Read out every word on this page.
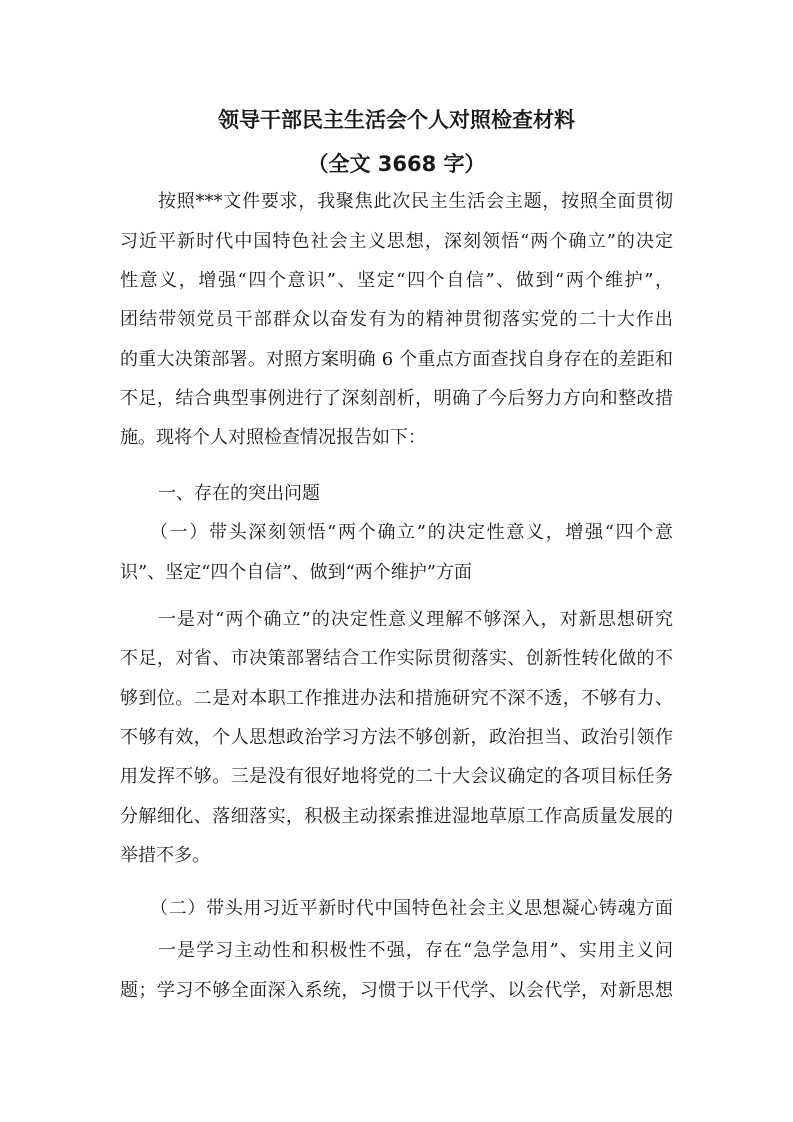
领导干部民主生活会个人对照检查材料
（全文 3668 字）
按照***文件要求，我聚焦此次民主生活会主题，按照全面贯彻
习近平新时代中国特色社会主义思想，深刻领悟“两个确立”的决定
性意义，增强“四个意识”、坚定“四个自信”、做到“两个维护”，
团结带领党员干部群众以奋发有为的精神贯彻落实党的二十大作出
的重大决策部署。对照方案明确 6 个重点方面查找自身存在的差距和
不足，结合典型事例进行了深刻剖析，明确了今后努力方向和整改措
施。现将个人对照检查情况报告如下：
一、存在的突出问题
（一）带头深刻领悟“两个确立”的决定性意义，增强“四个意
识”、坚定“四个自信”、做到“两个维护”方面
一是对“两个确立”的决定性意义理解不够深入，对新思想研究
不足，对省、市决策部署结合工作实际贯彻落实、创新性转化做的不
够到位。二是对本职工作推进办法和措施研究不深不透，不够有力、
不够有效，个人思想政治学习方法不够创新，政治担当、政治引领作
用发挥不够。三是没有很好地将党的二十大会议确定的各项目标任务
分解细化、落细落实，积极主动探索推进湿地草原工作高质量发展的
举措不多。
（二）带头用习近平新时代中国特色社会主义思想凝心铸魂方面
一是学习主动性和积极性不强，存在“急学急用”、实用主义问
题；学习不够全面深入系统，习惯于以干代学、以会代学，对新思想
